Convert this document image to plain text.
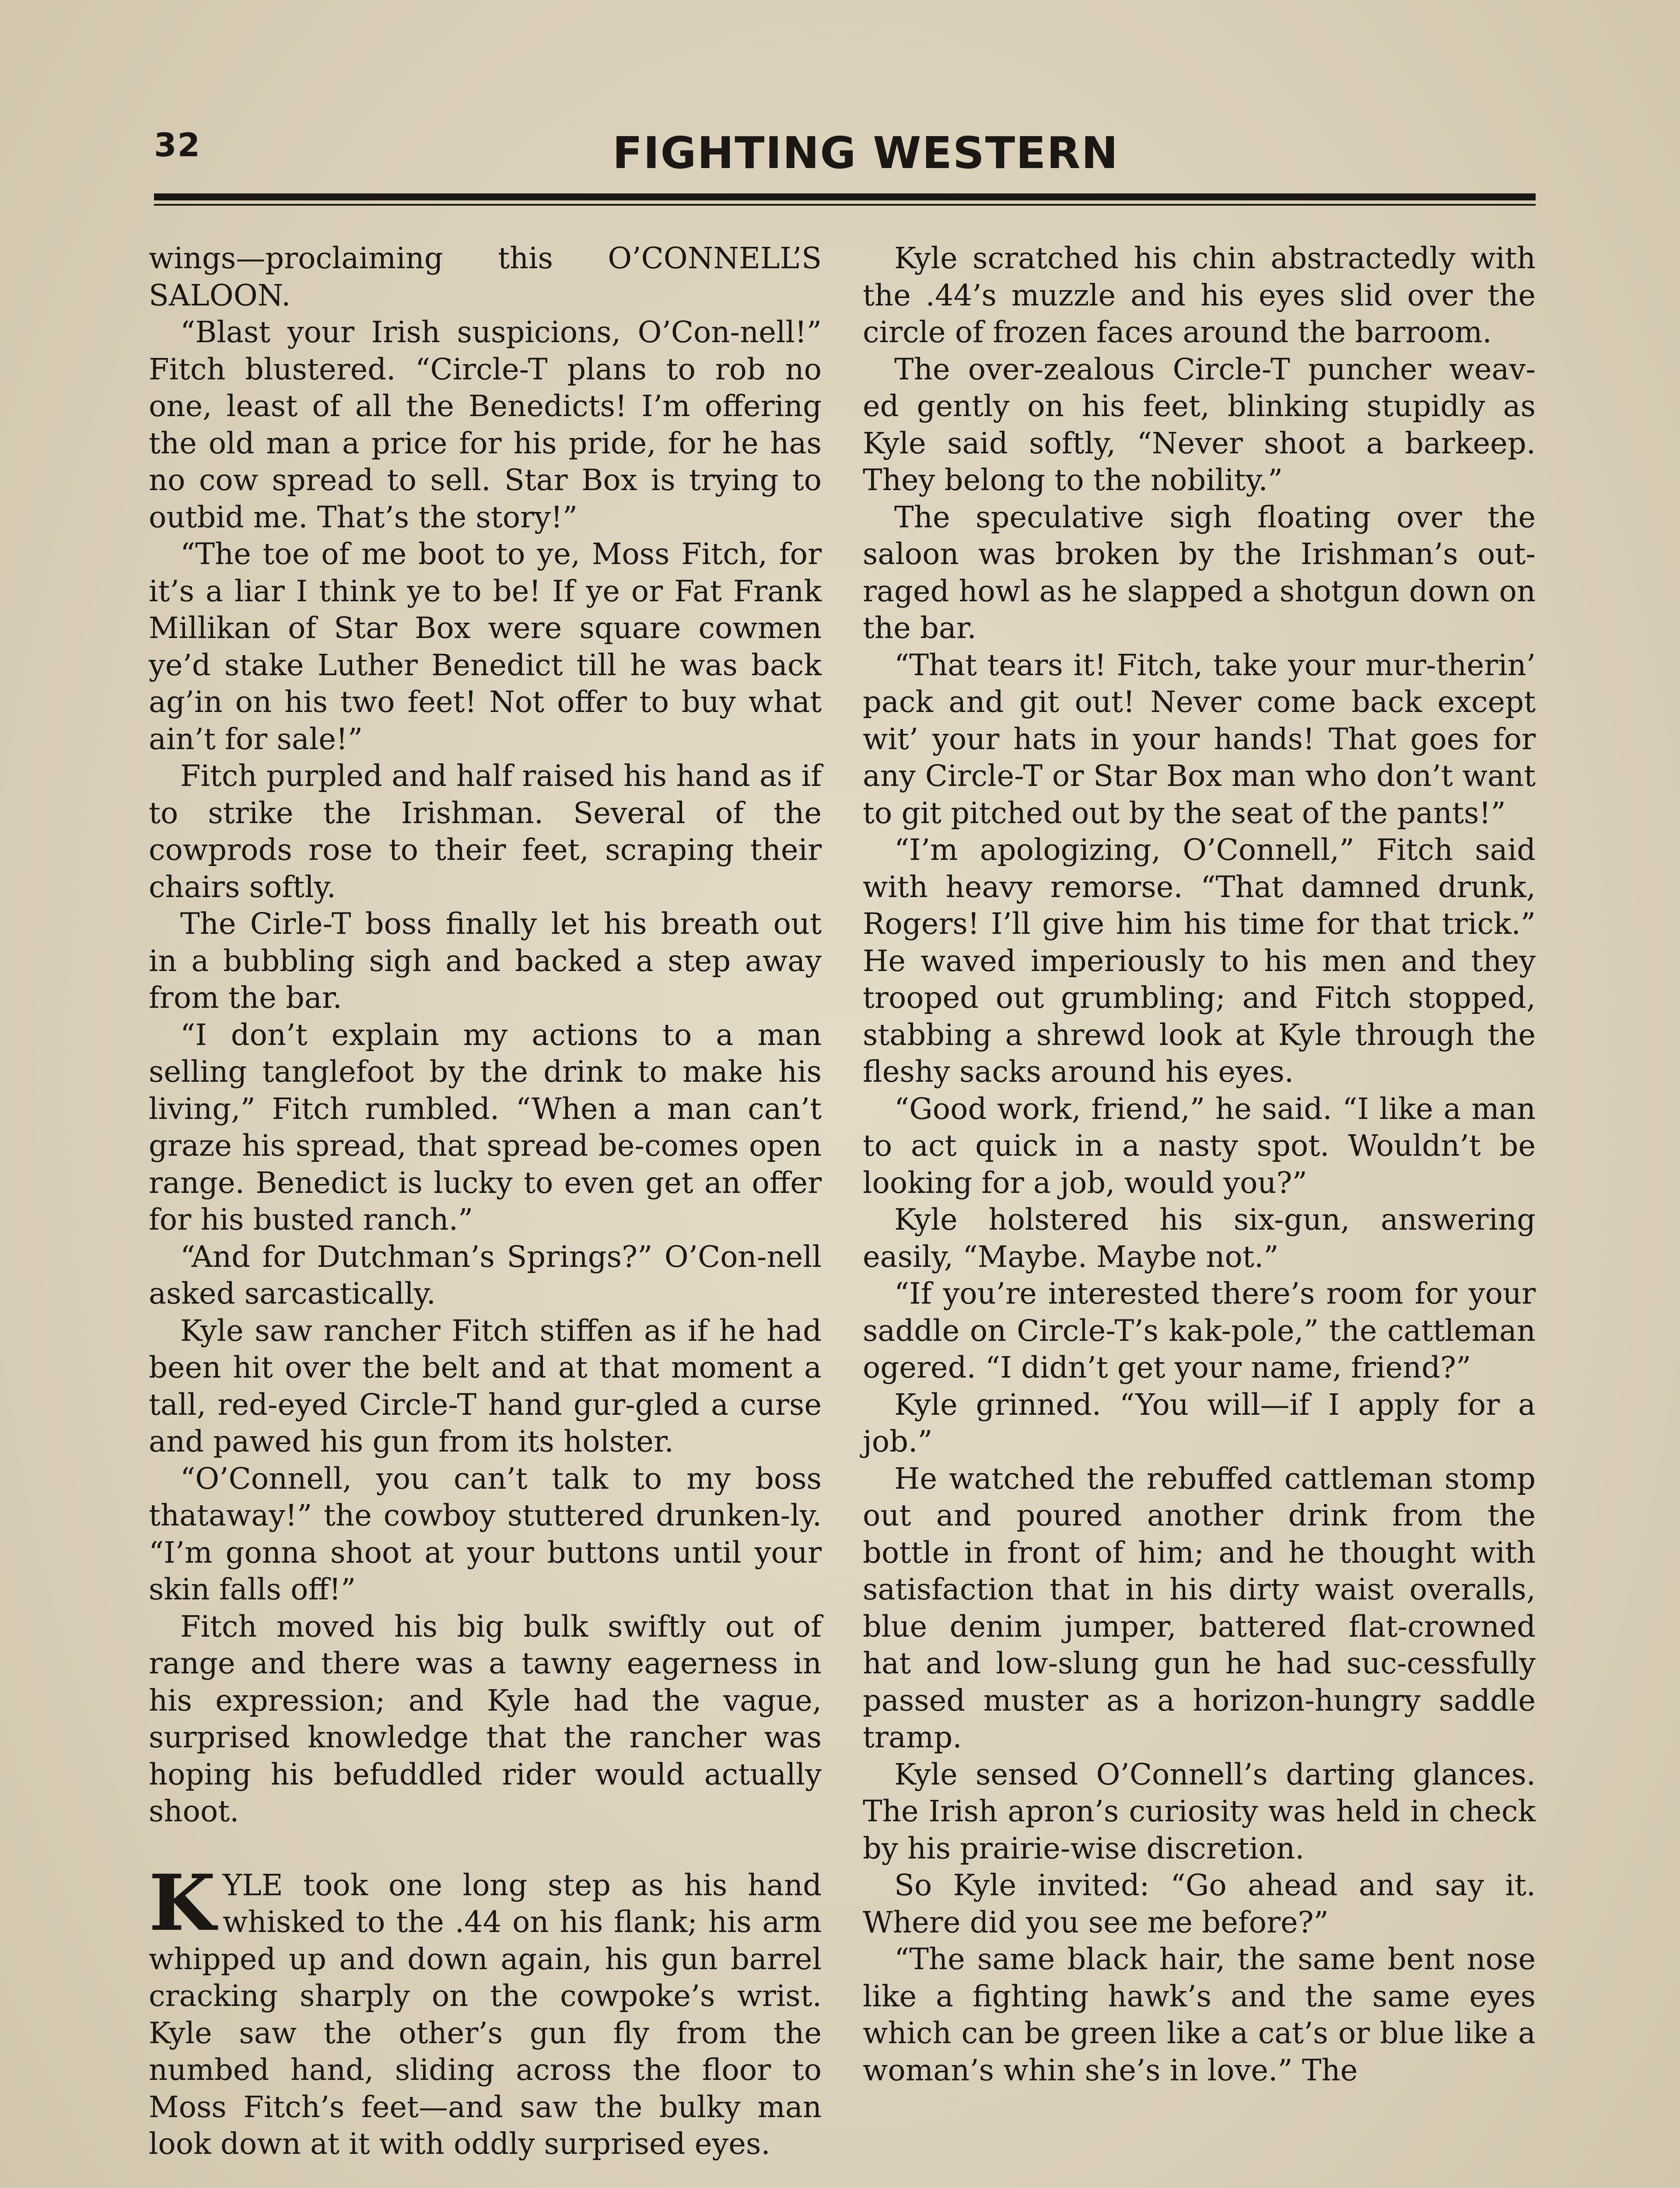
32	FIGHTING WESTERN

wings—proclaiming this O’CONNELL’S SALOON.

“Blast your Irish suspicions, O’Con-nell!” Fitch blustered. “Circle-T plans to rob no one, least of all the Benedicts! I’m offering the old man a price for his pride, for he has no cow spread to sell. Star Box is trying to outbid me. That’s the story!”

“The toe of me boot to ye, Moss Fitch, for it’s a liar I think ye to be! If ye or Fat Frank Millikan of Star Box were square cowmen ye’d stake Luther Benedict till he was back ag’in on his two feet! Not offer to buy what ain’t for sale!”

Fitch purpled and half raised his hand as if to strike the Irishman. Several of the cowprods rose to their feet, scraping their chairs softly.

The Cirle-T boss finally let his breath out in a bubbling sigh and backed a step away from the bar.

“I don’t explain my actions to a man selling tanglefoot by the drink to make his living,” Fitch rumbled. “When a man can’t graze his spread, that spread be-comes open range. Benedict is lucky to even get an offer for his busted ranch.”

“And for Dutchman’s Springs?” O’Con-nell asked sarcastically.

Kyle saw rancher Fitch stiffen as if he had been hit over the belt and at that moment a tall, red-eyed Circle-T hand gur-gled a curse and pawed his gun from its holster.

“O’Connell, you can’t talk to my boss thataway!” the cowboy stuttered drunken-ly. “I’m gonna shoot at your buttons until your skin falls off!”

Fitch moved his big bulk swiftly out of range and there was a tawny eagerness in his expression; and Kyle had the vague, surprised knowledge that the rancher was hoping his befuddled rider would actually shoot.

KYLE took one long step as his hand whisked to the .44 on his flank; his arm whipped up and down again, his gun barrel cracking sharply on the cowpoke’s wrist. Kyle saw the other’s gun fly from the numbed hand, sliding across the floor to Moss Fitch’s feet—and saw the bulky man look down at it with oddly surprised eyes.

Kyle scratched his chin abstractedly with the .44’s muzzle and his eyes slid over the circle of frozen faces around the barroom.

The over-zealous Circle-T puncher weav-ed gently on his feet, blinking stupidly as Kyle said softly, “Never shoot a barkeep. They belong to the nobility.”

The speculative sigh floating over the saloon was broken by the Irishman’s out-raged howl as he slapped a shotgun down on the bar.

“That tears it! Fitch, take your mur-therin’ pack and git out! Never come back except wit’ your hats in your hands! That goes for any Circle-T or Star Box man who don’t want to git pitched out by the seat of the pants!”

“I’m apologizing, O’Connell,” Fitch said with heavy remorse. “That damned drunk, Rogers! I’ll give him his time for that trick.” He waved imperiously to his men and they trooped out grumbling; and Fitch stopped, stabbing a shrewd look at Kyle through the fleshy sacks around his eyes.

“Good work, friend,” he said. “I like a man to act quick in a nasty spot. Wouldn’t be looking for a job, would you?”

Kyle holstered his six-gun, answering easily, “Maybe. Maybe not.”

“If you’re interested there’s room for your saddle on Circle-T’s kak-pole,” the cattleman ogered. “I didn’t get your name, friend?”

Kyle grinned. “You will—if I apply for a job.”

He watched the rebuffed cattleman stomp out and poured another drink from the bottle in front of him; and he thought with satisfaction that in his dirty waist overalls, blue denim jumper, battered flat-crowned hat and low-slung gun he had suc-cessfully passed muster as a horizon-hungry saddle tramp.

Kyle sensed O’Connell’s darting glances. The Irish apron’s curiosity was held in check by his prairie-wise discretion.

So Kyle invited: “Go ahead and say it. Where did you see me before?”

“The same black hair, the same bent nose like a fighting hawk’s and the same eyes which can be green like a cat’s or blue like a woman’s whin she’s in love.” The
